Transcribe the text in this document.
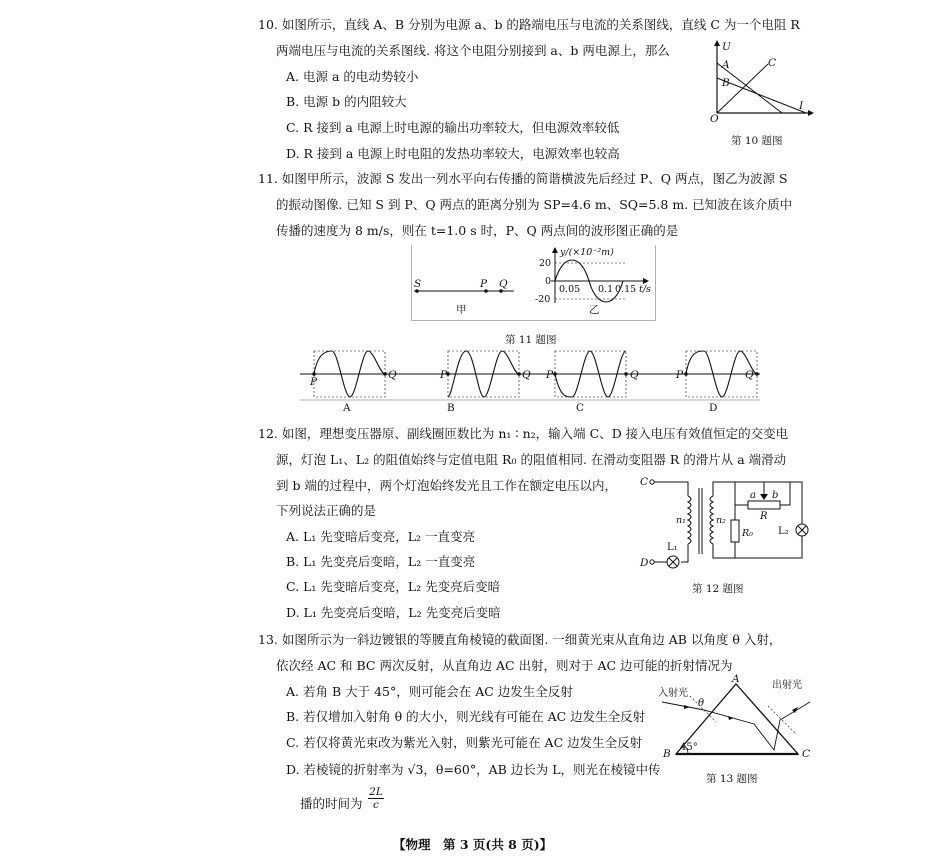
10. 如图所示，直线 A、B 分别为电源 a、b 的路端电压与电流的关系图线，直线 C 为一个电阻 R
两端电压与电流的关系图线. 将这个电阻分别接到 a、b 两电源上，那么
A. 电源 a 的电动势较小
B. 电源 b 的内阻较大
C. R 接到 a 电源上时电源的输出功率较大，但电源效率较低
D. R 接到 a 电源上时电阻的发热功率较大，电源效率也较高
U
A
B
C
O
I
第 10 题图
11. 如图甲所示，波源 S 发出一列水平向右传播的简谐横波先后经过 P、Q 两点，图乙为波源 S
的振动图像. 已知 S 到 P、Q 两点的距离分别为 SP=4.6 m、SQ=5.8 m. 已知波在该介质中
传播的速度为 8 m/s，则在 t=1.0 s 时，P、Q 两点间的波形图正确的是
S	P Q
甲
y/(×10⁻²m)
20
0
-20
0.05 0.1 0.15 t/s
乙
第 11 题图
P
Q
A
P	Q
B
P	Q
C
P	Q
D
12. 如图，理想变压器原、副线圈匝数比为 n₁ ∶ n₂，输入端 C、D 接入电压有效值恒定的交变电
源，灯泡 L₁、L₂ 的阻值始终与定值电阻 R₀ 的阻值相同. 在滑动变阻器 R 的滑片从 a 端滑动
到 b 端的过程中，两个灯泡始终发光且工作在额定电压以内，
下列说法正确的是
A. L₁ 先变暗后变亮，L₂ 一直变亮
B. L₁ 先变亮后变暗，L₂ 一直变亮
C. L₁ 先变暗后变亮，L₂ 先变亮后变暗
D. L₁ 先变亮后变暗，L₂ 先变亮后变暗
C
D
L₁
n₁	n₂
a b
R
R₀	L₂
第 12 题图
13. 如图所示为一斜边镀银的等腰直角棱镜的截面图. 一细黄光束从直角边 AB 以角度 θ 入射，
依次经 AC 和 BC 两次反射，从直角边 AC 出射，则对于 AC 边可能的折射情况为
A. 若角 B 大于 45°，则可能会在 AC 边发生全反射
B. 若仅增加入射角 θ 的大小，则光线有可能在 AC 边发生全反射
C. 若仅将黄光束改为紫光入射，则紫光可能在 AC 边发生全反射
D. 若棱镜的折射率为 √3，θ=60°，AB 边长为 L，则光在棱镜中传
播的时间为
2L
c
θ
入射光
出射光
A
B	C
45°
第 13 题图
【物理　第 3 页(共 8 页)】
